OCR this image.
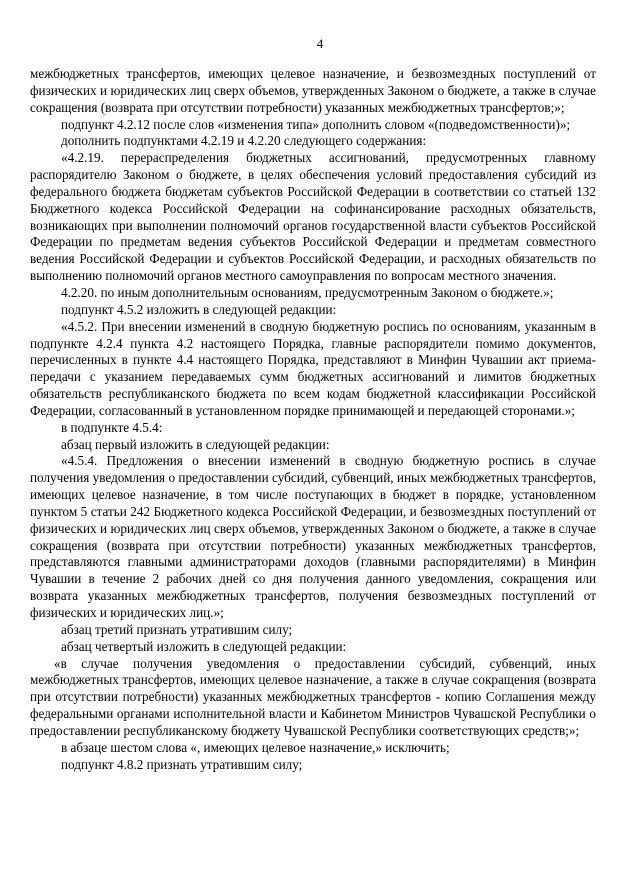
4

межбюджетных трансфертов, имеющих целевое назначение, и безвозмездных поступлений от физических и юридических лиц сверх объемов, утвержденных Законом о бюджете, а также в случае сокращения (возврата при отсутствии потребности) указанных межбюджетных трансфертов;»;

подпункт 4.2.12 после слов «изменения типа» дополнить словом «(подведомственности)»;

дополнить подпунктами 4.2.19 и 4.2.20 следующего содержания:

«4.2.19. перераспределения бюджетных ассигнований, предусмотренных главному распорядителю Законом о бюджете, в целях обеспечения условий предоставления субсидий из федерального бюджета бюджетам субъектов Российской Федерации в соответствии со статьей 132 Бюджетного кодекса Российской Федерации на софинансирование расходных обязательств, возникающих при выполнении полномочий органов государственной власти субъектов Российской Федерации по предметам ведения субъектов Российской Федерации и предметам совместного ведения Российской Федерации и субъектов Российской Федерации, и расходных обязательств по выполнению полномочий органов местного самоуправления по вопросам местного значения.

4.2.20. по иным дополнительным основаниям, предусмотренным Законом о бюджете.»;

подпункт 4.5.2 изложить в следующей редакции:

«4.5.2. При внесении изменений в сводную бюджетную роспись по основаниям, указанным в подпункте 4.2.4 пункта 4.2 настоящего Порядка, главные распорядители помимо документов, перечисленных в пункте 4.4 настоящего Порядка, представляют в Минфин Чувашии акт приема-передачи с указанием передаваемых сумм бюджетных ассигнований и лимитов бюджетных обязательств республиканского бюджета по всем кодам бюджетной классификации Российской Федерации, согласованный в установленном порядке принимающей и передающей сторонами.»;

в подпункте 4.5.4:

абзац первый изложить в следующей редакции:

«4.5.4. Предложения о внесении изменений в сводную бюджетную роспись в случае получения уведомления о предоставлении субсидий, субвенций, иных межбюджетных трансфертов, имеющих целевое назначение, в том числе поступающих в бюджет в порядке, установленном пунктом 5 статьи 242 Бюджетного кодекса Российской Федерации, и безвозмездных поступлений от физических и юридических лиц сверх объемов, утвержденных Законом о бюджете, а также в случае сокращения (возврата при отсутствии потребности) указанных межбюджетных трансфертов, представляются главными администраторами доходов (главными распорядителями) в Минфин Чувашии в течение 2 рабочих дней со дня получения данного уведомления, сокращения или возврата указанных межбюджетных трансфертов, получения безвозмездных поступлений от физических и юридических лиц.»;

абзац третий признать утратившим силу;

абзац четвертый изложить в следующей редакции:

«в случае получения уведомления о предоставлении субсидий, субвенций, иных межбюджетных трансфертов, имеющих целевое назначение, а также в случае сокращения (возврата при отсутствии потребности) указанных межбюджетных трансфертов - копию Соглашения между федеральными органами исполнительной власти и Кабинетом Министров Чувашской Республики о предоставлении республиканскому бюджету Чувашской Республики соответствующих средств;»;

в абзаце шестом слова «, имеющих целевое назначение,» исключить;

подпункт 4.8.2 признать утратившим силу;
